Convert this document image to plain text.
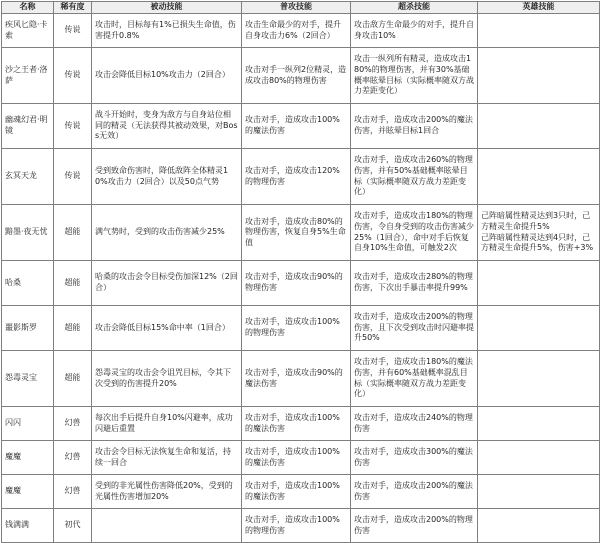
名称	稀有度	被动技能	普攻技能	超杀技能	英雄技能
疾风匕隐·卡索	传说	攻击时，目标每有1%已损失生命值，伤害提升0.8%	攻击生命最少的对手，提升自身攻击力6%（2回合）	攻击敌方生命最少的对手，提升自身攻击10%	
沙之王者·洛萨	传说	攻击会降低目标10%攻击力（2回合）	攻击对手一纵列2位精灵，造成攻击80%的物理伤害	攻击一纵列所有精灵，造成攻击180%的物理伤害，并有30%基础概率眩晕目标（实际概率随双方战力差距变化）	
幽魂幻君·明镜	传说	战斗开始时，变身为敌方与自身站位相同的精灵（无法获得其被动效果，对Boss无效）	攻击对手，造成攻击100%的魔法伤害	攻击对手，造成攻击200%的魔法伤害，并眩晕目标1回合	
玄冥天龙	传说	受到致命伤害时，降低敌阵全体精灵10%攻击力（2回合）以及50点气势	攻击对手，造成攻击120%的物理伤害	攻击对手，造成攻击260%的物理伤害，并有50%基础概率眩晕目标（实际概率随双方战力差距变化）	
黯墨·夜无忧	超能	满气势时，受到的攻击伤害减少25%	攻击对手，造成攻击80%的物理伤害，恢复自身5%生命值	攻击对手，造成攻击180%的物理伤害，令自身受到的攻击伤害减少25%（1回合），命中对手后恢复自身10%生命值，可触发2次	己阵暗属性精灵达到3只时，己方精灵生命提升5%
己阵暗属性精灵达到4只时，己方精灵生命提升5%，伤害+3%
哈桑	超能	哈桑的攻击会令目标受伤加深12%（2回合）	攻击对手，造成攻击90%的物理伤害	攻击对手，造成攻击280%的物理伤害，下次出手暴击率提升99%	
噩影斯罗	超能	攻击会降低目标15%命中率（1回合）	攻击对手，造成攻击100%的物理伤害	攻击对手，造成攻击200%的物理伤害，且下次受到攻击时闪避率提升50%	
怨毒灵宝	超能	怨毒灵宝的攻击会令诅咒目标，令其下次受到的伤害提升20%	攻击对手，造成攻击90%的魔法伤害	攻击对手，造成攻击180%的魔法伤害，并有60%基础概率混乱目标（实际概率随双方战力差距变化）	
闪闪	幻兽	每次出手后提升自身10%闪避率，成功闪避后重置	攻击对手，造成攻击100%的魔法伤害	攻击对手，造成攻击240%的物理伤害	
魔魔	幻兽	攻击会令目标无法恢复生命和复活，持续一回合	攻击对手，造成攻击100%的魔法伤害	攻击对手，造成攻击300%的魔法伤害	
魔魔	幻兽	受到的非光属性伤害降低20%，受到的光属性伤害增加20%	攻击对手，造成攻击100%的魔法伤害	攻击对手，造成攻击200%的魔法伤害	
钱满满	初代		攻击对手，造成攻击100%的物理伤害	攻击对手，造成攻击200%的物理伤害	
